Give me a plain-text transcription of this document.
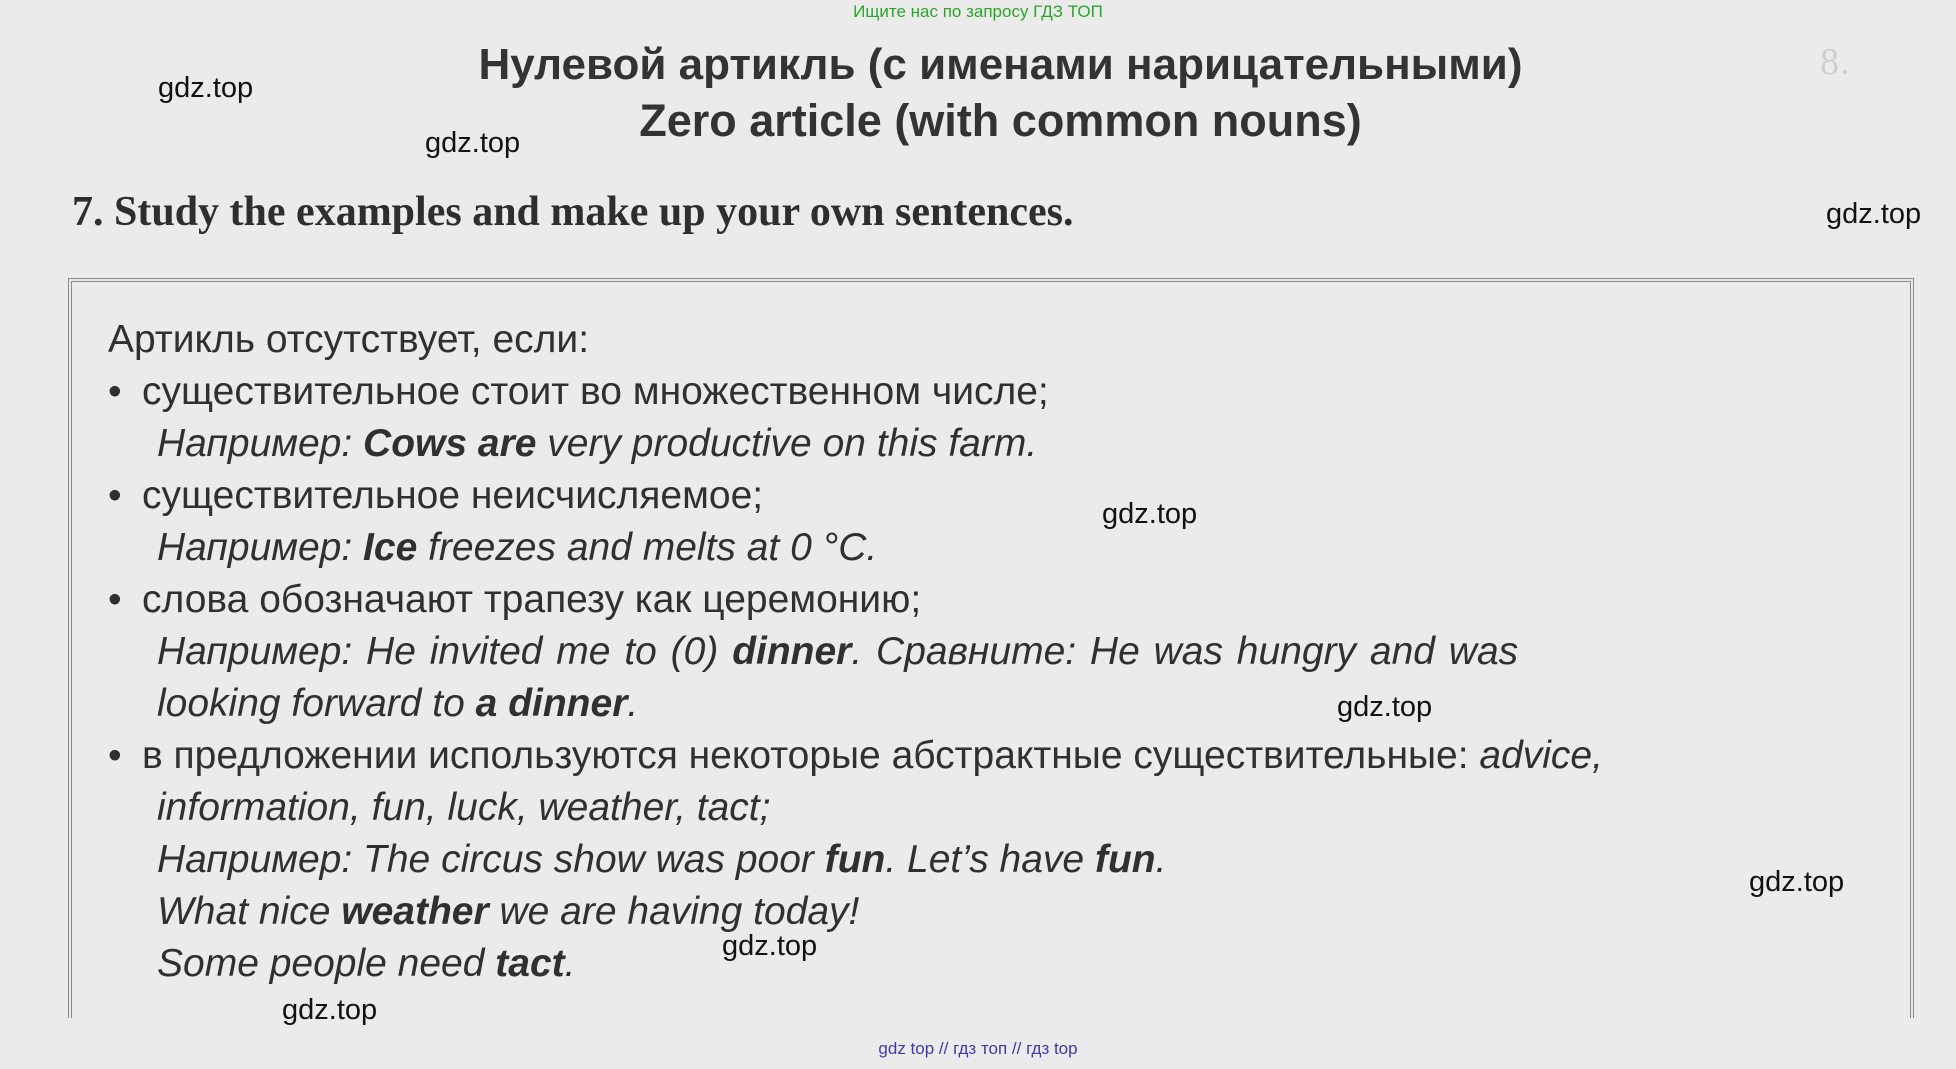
8.
Ищите нас по запросу ГДЗ ТОП
Нулевой артикль (с именами нарицательными)
Zero article (with common nouns)
7. Study the examples and make up your own sentences.
Артикль отсутствует, если:
• существительное стоит во множественном числе;
Например: Cows are very productive on this farm.
• существительное неисчисляемое;
Например: Ice freezes and melts at 0 °C.
• слова обозначают трапезу как церемонию;
Например: He invited me to (0) dinner. Сравните: He was hungry and was
looking forward to a dinner.
• в предложении используются некоторые абстрактные существительные: advice,
information, fun, luck, weather, tact;
Например: The circus show was poor fun. Let’s have fun.
What nice weather we are having today!
Some people need tact.
gdz.top
gdz.top
gdz.top
gdz.top
gdz.top
gdz.top
gdz.top
gdz.top
gdz top // гдз топ // гдз top
